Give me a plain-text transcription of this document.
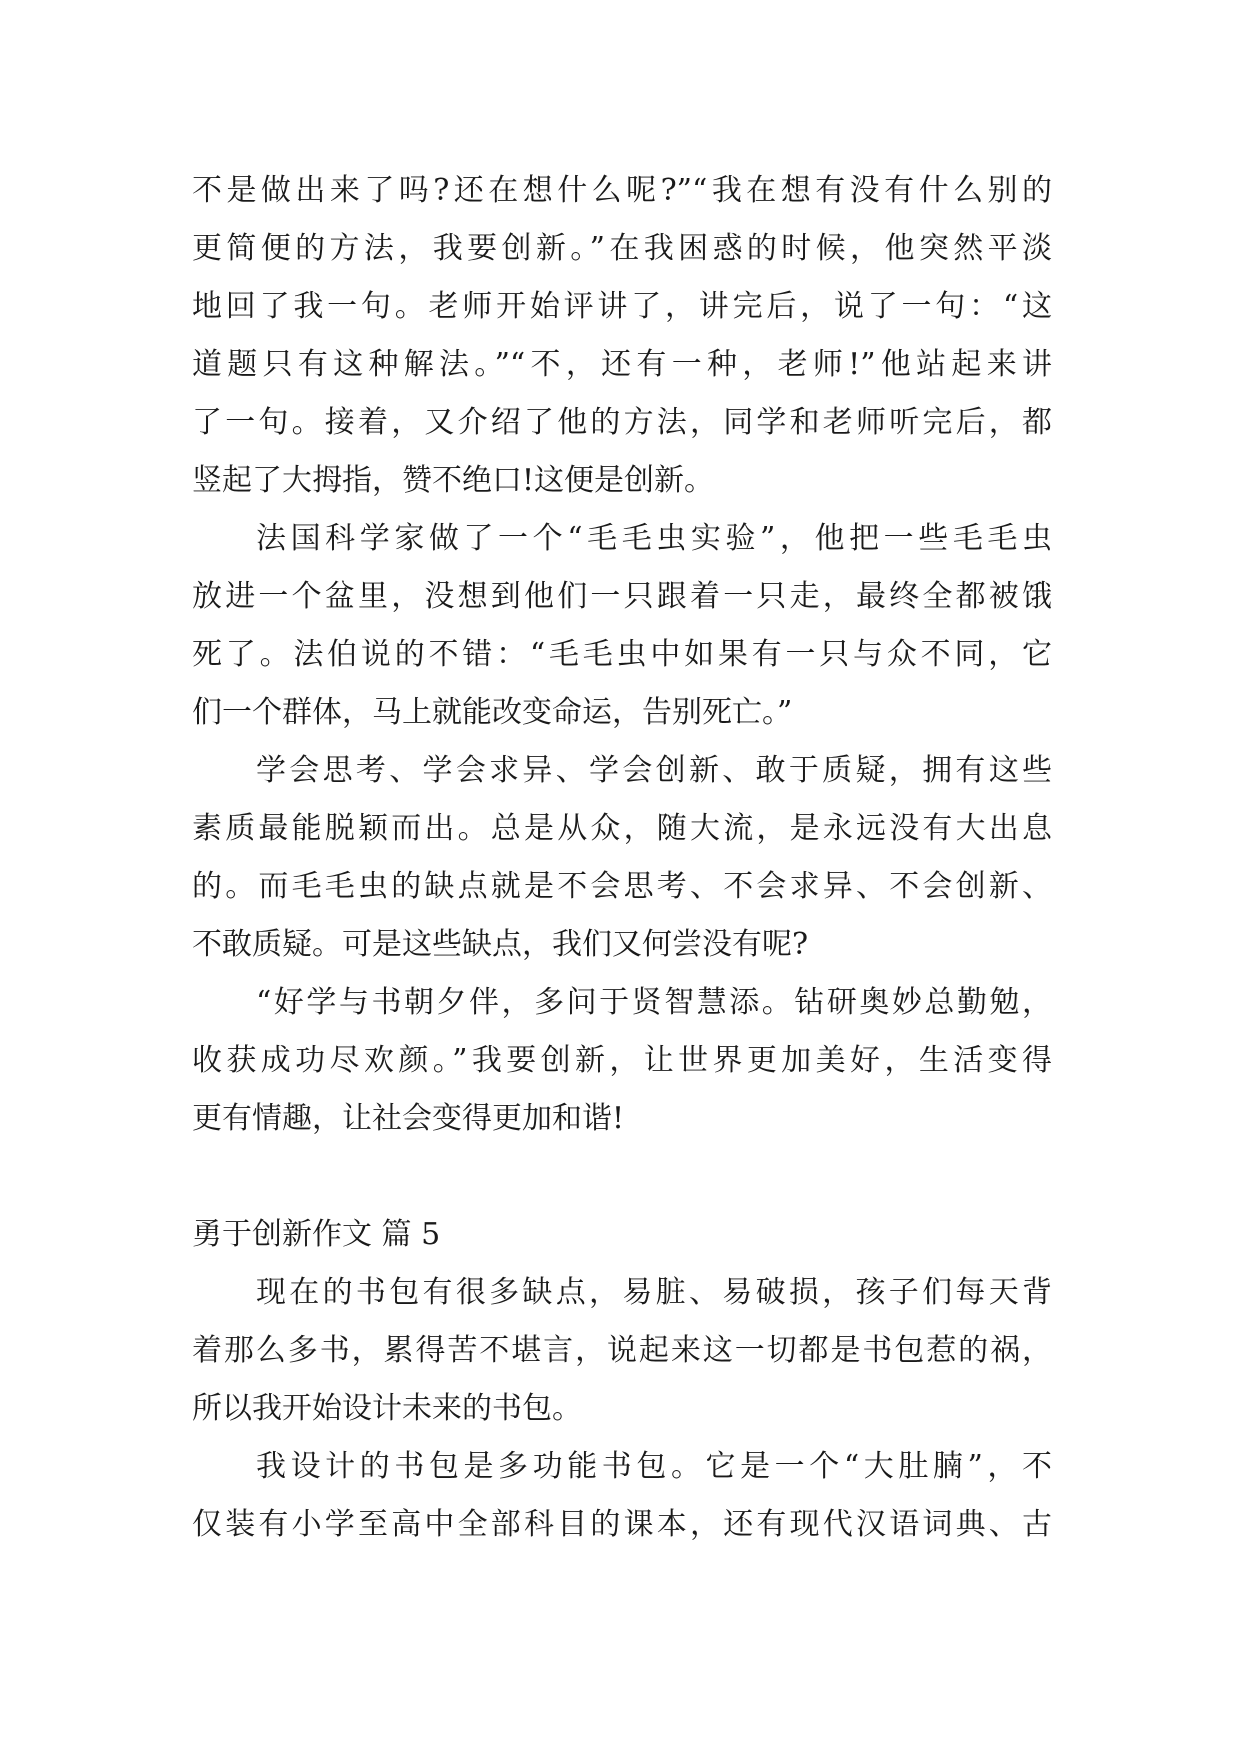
不是做出来了吗?还在想什么呢?”“我在想有没有什么别的
更简便的方法，我要创新。”在我困惑的时候，他突然平淡
地回了我一句。老师开始评讲了，讲完后，说了一句：“这
道题只有这种解法。”“不，还有一种，老师!”他站起来讲
了一句。接着，又介绍了他的方法，同学和老师听完后，都
竖起了大拇指，赞不绝口!这便是创新。
法国科学家做了一个“毛毛虫实验”，他把一些毛毛虫
放进一个盆里，没想到他们一只跟着一只走，最终全都被饿
死了。法伯说的不错：“毛毛虫中如果有一只与众不同，它
们一个群体，马上就能改变命运，告别死亡。”
学会思考、学会求异、学会创新、敢于质疑，拥有这些
素质最能脱颖而出。总是从众，随大流，是永远没有大出息
的。而毛毛虫的缺点就是不会思考、不会求异、不会创新、
不敢质疑。可是这些缺点，我们又何尝没有呢?
“好学与书朝夕伴，多问于贤智慧添。钻研奥妙总勤勉，
收获成功尽欢颜。”我要创新，让世界更加美好，生活变得
更有情趣，让社会变得更加和谐!
勇于创新作文 篇 5
现在的书包有很多缺点，易脏、易破损，孩子们每天背
着那么多书，累得苦不堪言，说起来这一切都是书包惹的祸，
所以我开始设计未来的书包。
我设计的书包是多功能书包。它是一个“大肚腩”，不
仅装有小学至高中全部科目的课本，还有现代汉语词典、古
